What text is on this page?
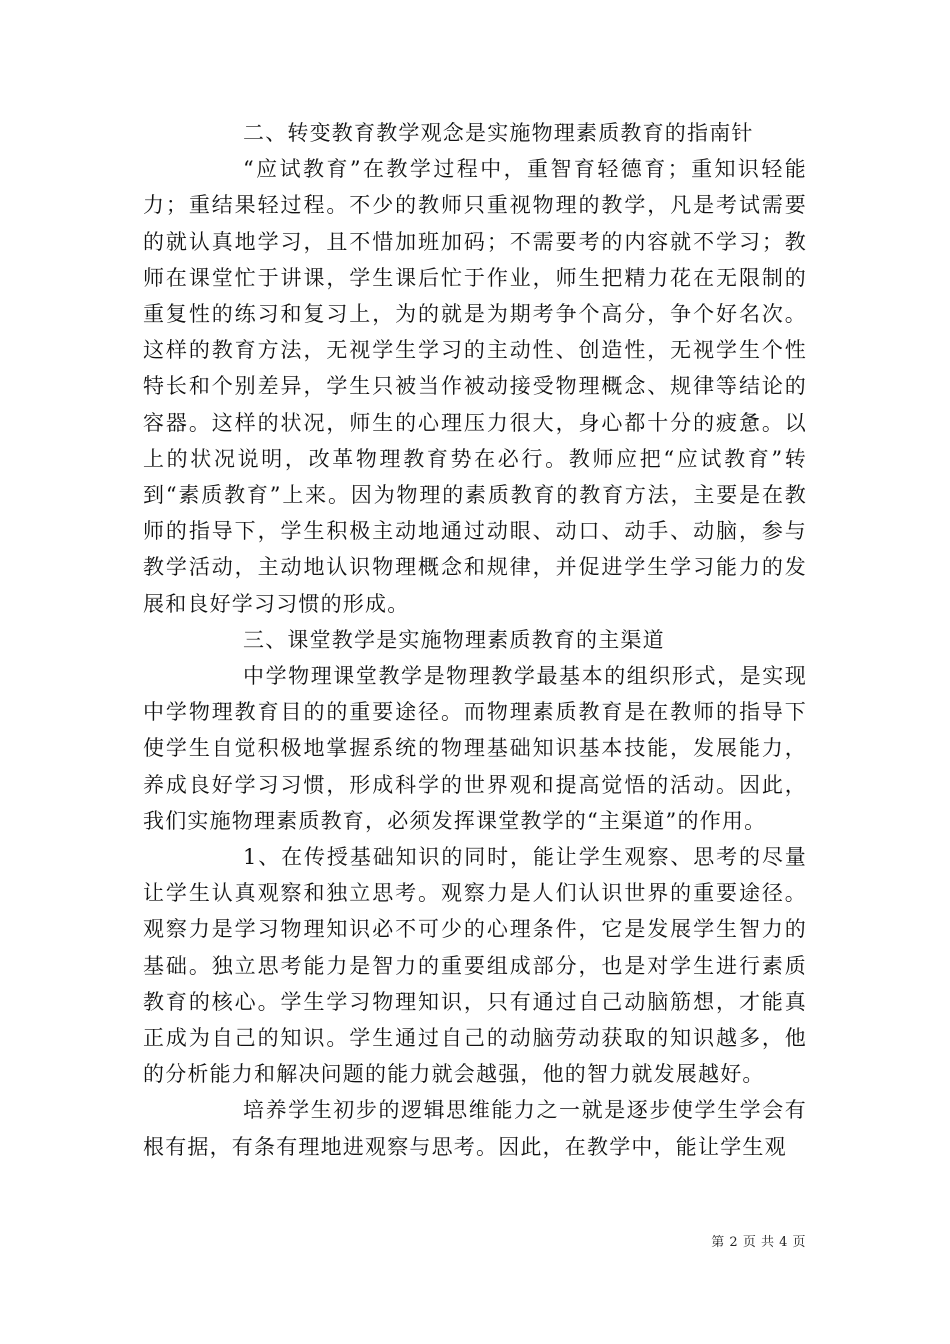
二、转变教育教学观念是实施物理素质教育的指南针

“应试教育”在教学过程中，重智育轻德育；重知识轻能力；重结果轻过程。不少的教师只重视物理的教学，凡是考试需要的就认真地学习，且不惜加班加码；不需要考的内容就不学习；教师在课堂忙于讲课，学生课后忙于作业，师生把精力花在无限制的重复性的练习和复习上，为的就是为期考争个高分，争个好名次。这样的教育方法，无视学生学习的主动性、创造性，无视学生个性特长和个别差异，学生只被当作被动接受物理概念、规律等结论的容器。这样的状况，师生的心理压力很大，身心都十分的疲惫。以上的状况说明，改革物理教育势在必行。教师应把“应试教育”转到“素质教育”上来。因为物理的素质教育的教育方法，主要是在教师的指导下，学生积极主动地通过动眼、动口、动手、动脑，参与教学活动，主动地认识物理概念和规律，并促进学生学习能力的发展和良好学习习惯的形成。

三、课堂教学是实施物理素质教育的主渠道

中学物理课堂教学是物理教学最基本的组织形式，是实现中学物理教育目的的重要途径。而物理素质教育是在教师的指导下使学生自觉积极地掌握系统的物理基础知识基本技能，发展能力，养成良好学习习惯，形成科学的世界观和提高觉悟的活动。因此，我们实施物理素质教育，必须发挥课堂教学的“主渠道”的作用。

1、在传授基础知识的同时，能让学生观察、思考的尽量让学生认真观察和独立思考。观察力是人们认识世界的重要途径。观察力是学习物理知识必不可少的心理条件，它是发展学生智力的基础。独立思考能力是智力的重要组成部分，也是对学生进行素质教育的核心。学生学习物理知识，只有通过自己动脑筋想，才能真正成为自己的知识。学生通过自己的动脑劳动获取的知识越多，他的分析能力和解决问题的能力就会越强，他的智力就发展越好。

培养学生初步的逻辑思维能力之一就是逐步使学生学会有根有据，有条有理地进观察与思考。因此，在教学中，能让学生观

第 2 页 共 4 页
